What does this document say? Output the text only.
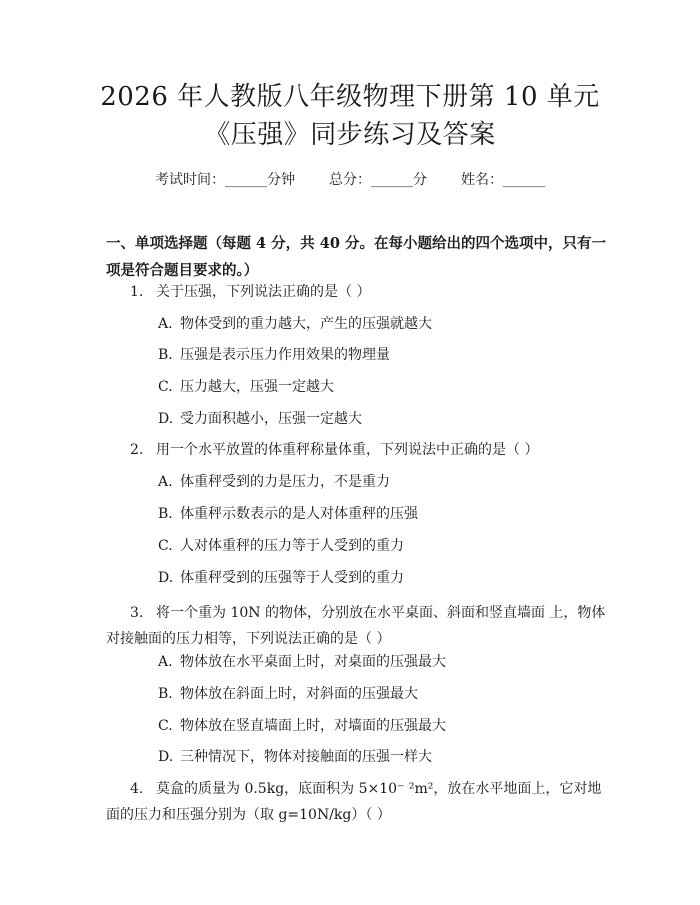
2026 年人教版八年级物理下册第 10 单元
《压强》同步练习及答案
考试时间：______分钟 总分：______分 姓名：______
一、单项选择题（每题 4 分，共 40 分。在每小题给出的四个选项中，只有一项是符合题目要求的。）
1. 关于压强，下列说法正确的是（ ）
A. 物体受到的重力越大，产生的压强就越大
B. 压强是表示压力作用效果的物理量
C. 压力越大，压强一定越大
D. 受力面积越小，压强一定越大
2. 用一个水平放置的体重秤称量体重，下列说法中正确的是（ ）
A. 体重秤受到的力是压力，不是重力
B. 体重秤示数表示的是人对体重秤的压强
C. 人对体重秤的压力等于人受到的重力
D. 体重秤受到的压强等于人受到的重力
3. 将一个重为 10N 的物体，分别放在水平桌面、斜面和竖直墙面 上，物体对接触面的压力相等，下列说法正确的是（ ）
A. 物体放在水平桌面上时，对桌面的压强最大
B. 物体放在斜面上时，对斜面的压强最大
C. 物体放在竖直墙面上时，对墙面的压强最大
D. 三种情况下，物体对接触面的压强一样大
4. 莫盒的质量为 0.5kg，底面积为 5×10⁻ ²m²，放在水平地面上，它对地面的压力和压强分别为（取 g=10N/kg）（ ）
